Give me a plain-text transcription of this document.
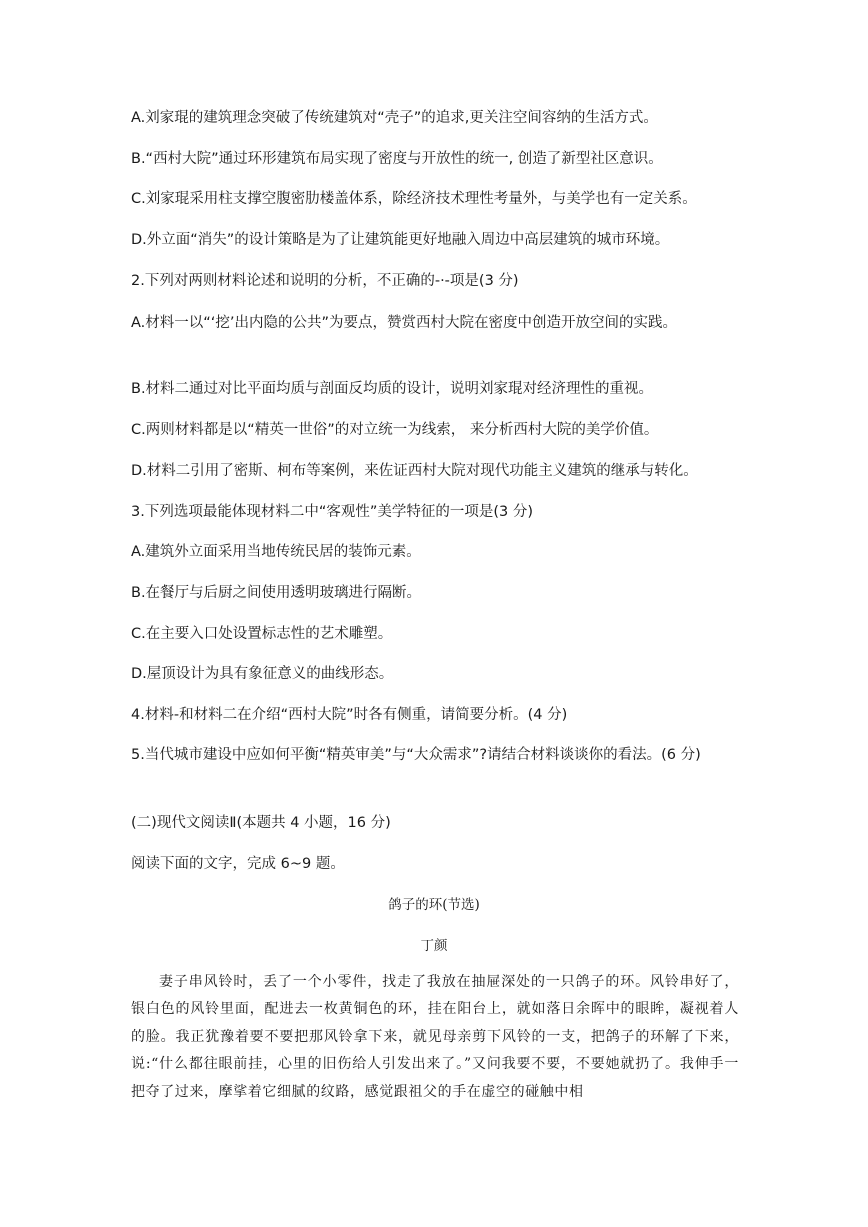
A.刘家琨的建筑理念突破了传统建筑对“壳子”的追求,更关注空间容纳的生活方式。
B.“西村大院”通过环形建筑布局实现了密度与开放性的统一, 创造了新型社区意识。
C.刘家琨采用柱支撑空腹密肋楼盖体系，除经济技术理性考量外，与美学也有一定关系。
D.外立面“消失”的设计策略是为了让建筑能更好地融入周边中高层建筑的城市环境。
2.下列对两则材料论述和说明的分析，不正确的-·-项是(3 分)
A.材料一以“‘挖’出内隐的公共”为要点，赞赏西村大院在密度中创造开放空间的实践。
B.材料二通过对比平面均质与剖面反均质的设计，说明刘家琨对经济理性的重视。
C.两则材料都是以“精英一世俗”的对立统一为线索， 来分析西村大院的美学价值。
D.材料二引用了密斯、柯布等案例，来佐证西村大院对现代功能主义建筑的继承与转化。
3.下列选项最能体现材料二中“客观性”美学特征的一项是(3 分)
A.建筑外立面采用当地传统民居的装饰元素。
B.在餐厅与后厨之间使用透明玻璃进行隔断。
C.在主要入口处设置标志性的艺术雕塑。
D.屋顶设计为具有象征意义的曲线形态。
4.材料-和材料二在介绍“西村大院”时各有侧重，请简要分析。(4 分)
5.当代城市建设中应如何平衡“精英审美”与“大众需求”?请结合材料谈谈你的看法。(6 分)
(二)现代文阅读Ⅱ(本题共 4 小题，16 分)
阅读下面的文字，完成 6~9 题。
鸽子的环(节选)
丁颜
妻子串风铃时，丢了一个小零件，找走了我放在抽屉深处的一只鸽子的环。风铃串好了，银白色的风铃里面，配进去一枚黄铜色的环，挂在阳台上，就如落日余晖中的眼眸，凝视着人的脸。我正犹豫着要不要把那风铃拿下来，就见母亲剪下风铃的一支，把鸽子的环解了下来，说:“什么都往眼前挂，心里的旧伤给人引发出来了。”又问我要不要，不要她就扔了。我伸手一把夺了过来，摩挲着它细腻的纹路，感觉跟祖父的手在虚空的碰触中相
